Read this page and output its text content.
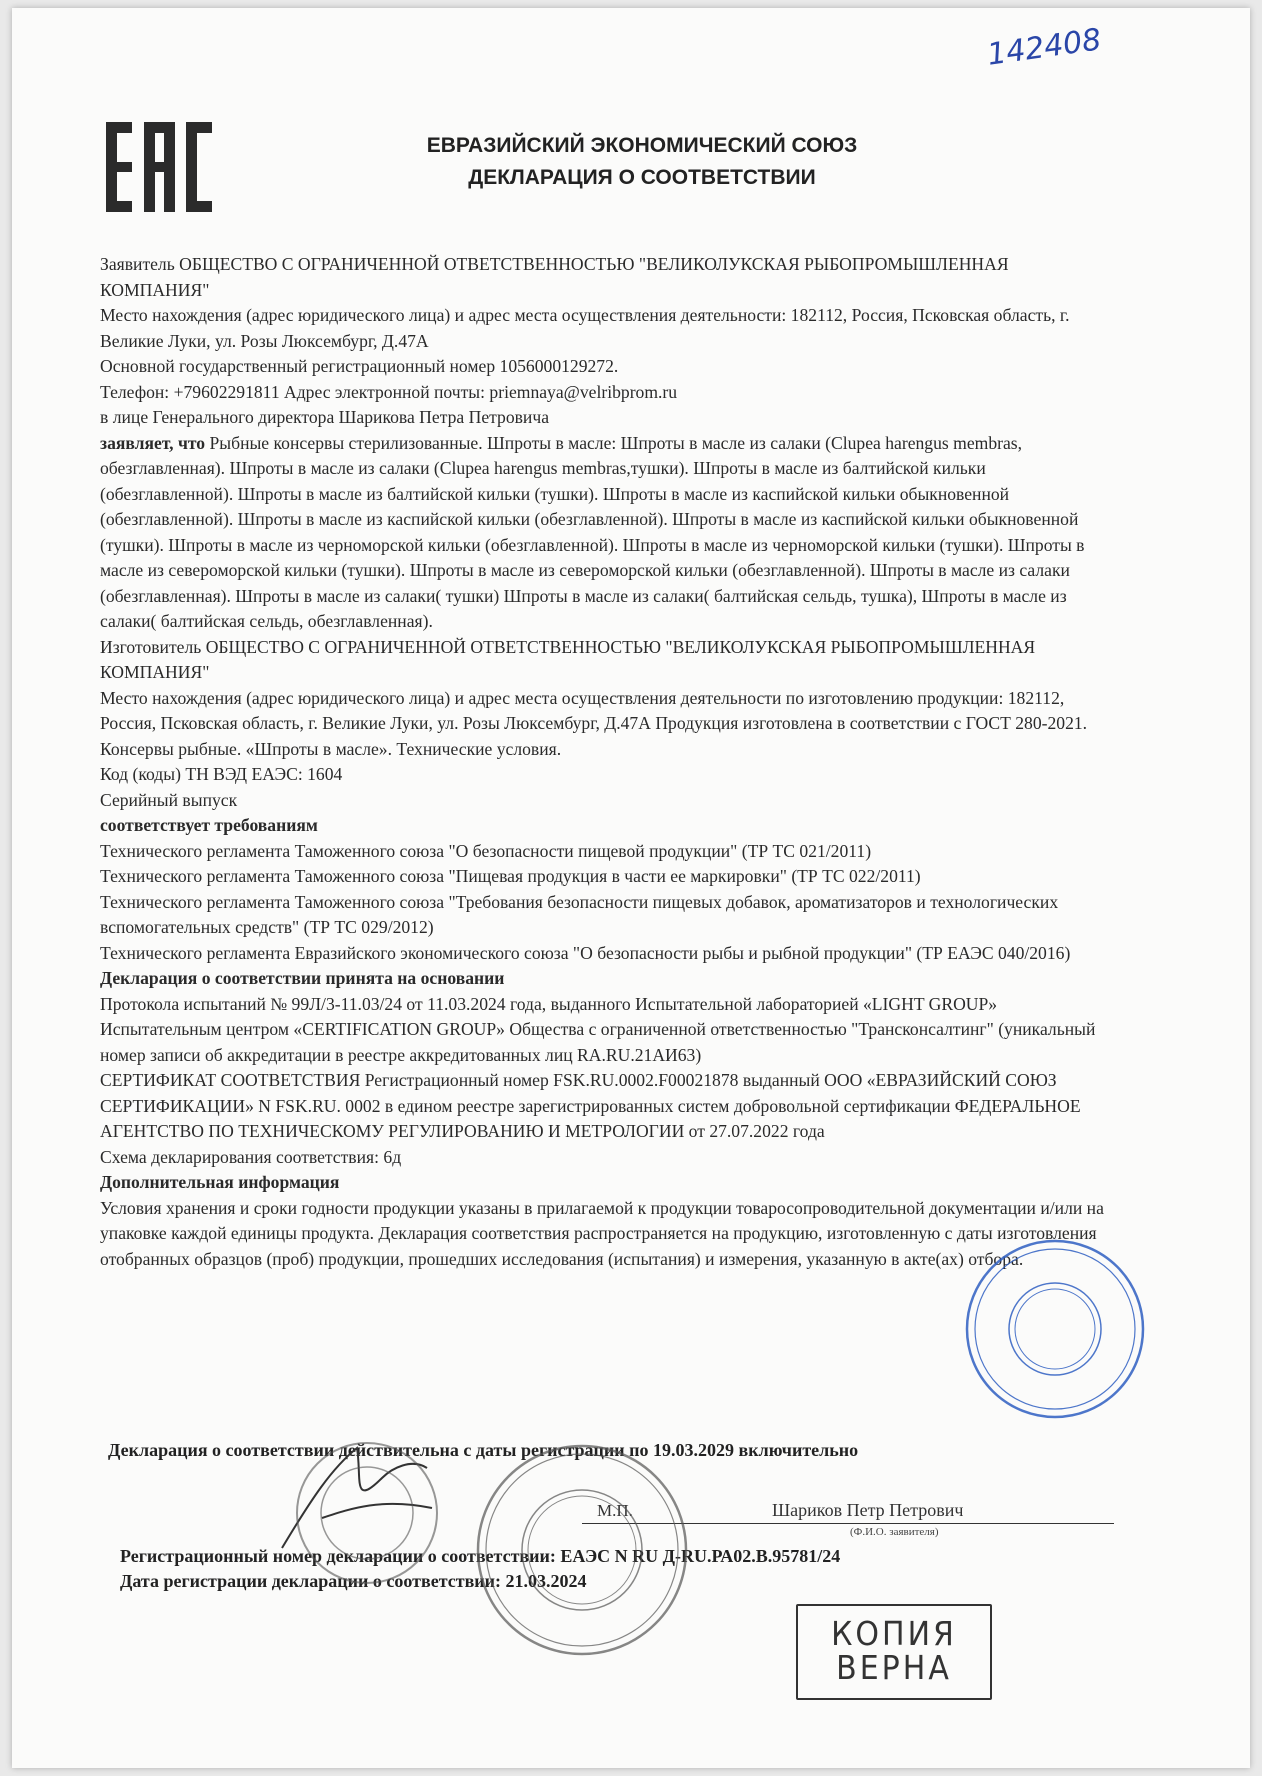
142408
ЕВРАЗИЙСКИЙ ЭКОНОМИЧЕСКИЙ СОЮЗ
ДЕКЛАРАЦИЯ О СООТВЕТСТВИИ

Заявитель ОБЩЕСТВО С ОГРАНИЧЕННОЙ ОТВЕТСТВЕННОСТЬЮ "ВЕЛИКОЛУКСКАЯ РЫБОПРОМЫШЛЕННАЯ КОМПАНИЯ"

Место нахождения (адрес юридического лица) и адрес места осуществления деятельности: 182112, Россия, Псковская область, г. Великие Луки, ул. Розы Люксембург, Д.47А

Основной государственный регистрационный номер 1056000129272.

Телефон: +79602291811 Адрес электронной почты: priemnaya@velribprom.ru

в лице Генерального директора Шарикова Петра Петровича

заявляет, что Рыбные консервы стерилизованные. Шпроты в масле: Шпроты в масле из салаки (Clupea harengus membras, обезглавленная). Шпроты в масле из салаки (Clupea harengus membras,тушки). Шпроты в масле из балтийской кильки (обезглавленной). Шпроты в масле из балтийской кильки (тушки). Шпроты в масле из каспийской кильки обыкновенной (обезглавленной). Шпроты в масле из каспийской кильки (обезглавленной). Шпроты в масле из каспийской кильки обыкновенной (тушки). Шпроты в масле из черноморской кильки (обезглавленной). Шпроты в масле из черноморской кильки (тушки). Шпроты в масле из североморской кильки (тушки). Шпроты в масле из североморской кильки (обезглавленной). Шпроты в масле из салаки (обезглавленная). Шпроты в масле из салаки( тушки) Шпроты в масле из салаки( балтийская сельдь, тушка), Шпроты в масле из салаки( балтийская сельдь, обезглавленная).

Изготовитель ОБЩЕСТВО С ОГРАНИЧЕННОЙ ОТВЕТСТВЕННОСТЬЮ "ВЕЛИКОЛУКСКАЯ РЫБОПРОМЫШЛЕННАЯ КОМПАНИЯ"

Место нахождения (адрес юридического лица) и адрес места осуществления деятельности по изготовлению продукции: 182112, Россия, Псковская область, г. Великие Луки, ул. Розы Люксембург, Д.47А Продукция изготовлена в соответствии с ГОСТ 280-2021. Консервы рыбные. «Шпроты в масле». Технические условия.

Код (коды) ТН ВЭД ЕАЭС: 1604

Серийный выпуск

соответствует требованиям

Технического регламента Таможенного союза "О безопасности пищевой продукции" (ТР ТС 021/2011)

Технического регламента Таможенного союза "Пищевая продукция в части ее маркировки" (ТР ТС 022/2011)

Технического регламента Таможенного союза "Требования безопасности пищевых добавок, ароматизаторов и технологических вспомогательных средств" (ТР ТС 029/2012)

Технического регламента Евразийского экономического союза "О безопасности рыбы и рыбной продукции" (ТР ЕАЭС 040/2016)

Декларация о соответствии принята на основании

Протокола испытаний № 99Л/3-11.03/24 от 11.03.2024 года, выданного Испытательной лабораторией «LIGHT GROUP» Испытательным центром «CERTIFICATION GROUP» Общества с ограниченной ответственностью "Трансконсалтинг" (уникальный номер записи об аккредитации в реестре аккредитованных лиц RA.RU.21АИ63)

СЕРТИФИКАТ СООТВЕТСТВИЯ Регистрационный номер FSK.RU.0002.F00021878 выданный ООО «ЕВРАЗИЙСКИЙ СОЮЗ СЕРТИФИКАЦИИ» N FSK.RU. 0002 в едином реестре зарегистрированных систем добровольной сертификации ФЕДЕРАЛЬНОЕ АГЕНТСТВО ПО ТЕХНИЧЕСКОМУ РЕГУЛИРОВАНИЮ И МЕТРОЛОГИИ от 27.07.2022 года

Схема декларирования соответствия: 6д

Дополнительная информация

Условия хранения и сроки годности продукции указаны в прилагаемой к продукции товаросопроводительной документации и/или на упаковке каждой единицы продукта. Декларация соответствия распространяется на продукцию, изготовленную с даты изготовления отобранных образцов (проб) продукции, прошедших исследования (испытания) и измерения, указанную в акте(ах) отбора.

Декларация о соответствии действительна с даты регистрации по 19.03.2029 включительно
М.П.	Шариков Петр Петрович
(Ф.И.О. заявителя)
Регистрационный номер декларации о соответствии: ЕАЭС N RU Д-RU.РА02.В.95781/24
Дата регистрации декларации о соответствии: 21.03.2024
КОПИЯ
ВЕРНА
